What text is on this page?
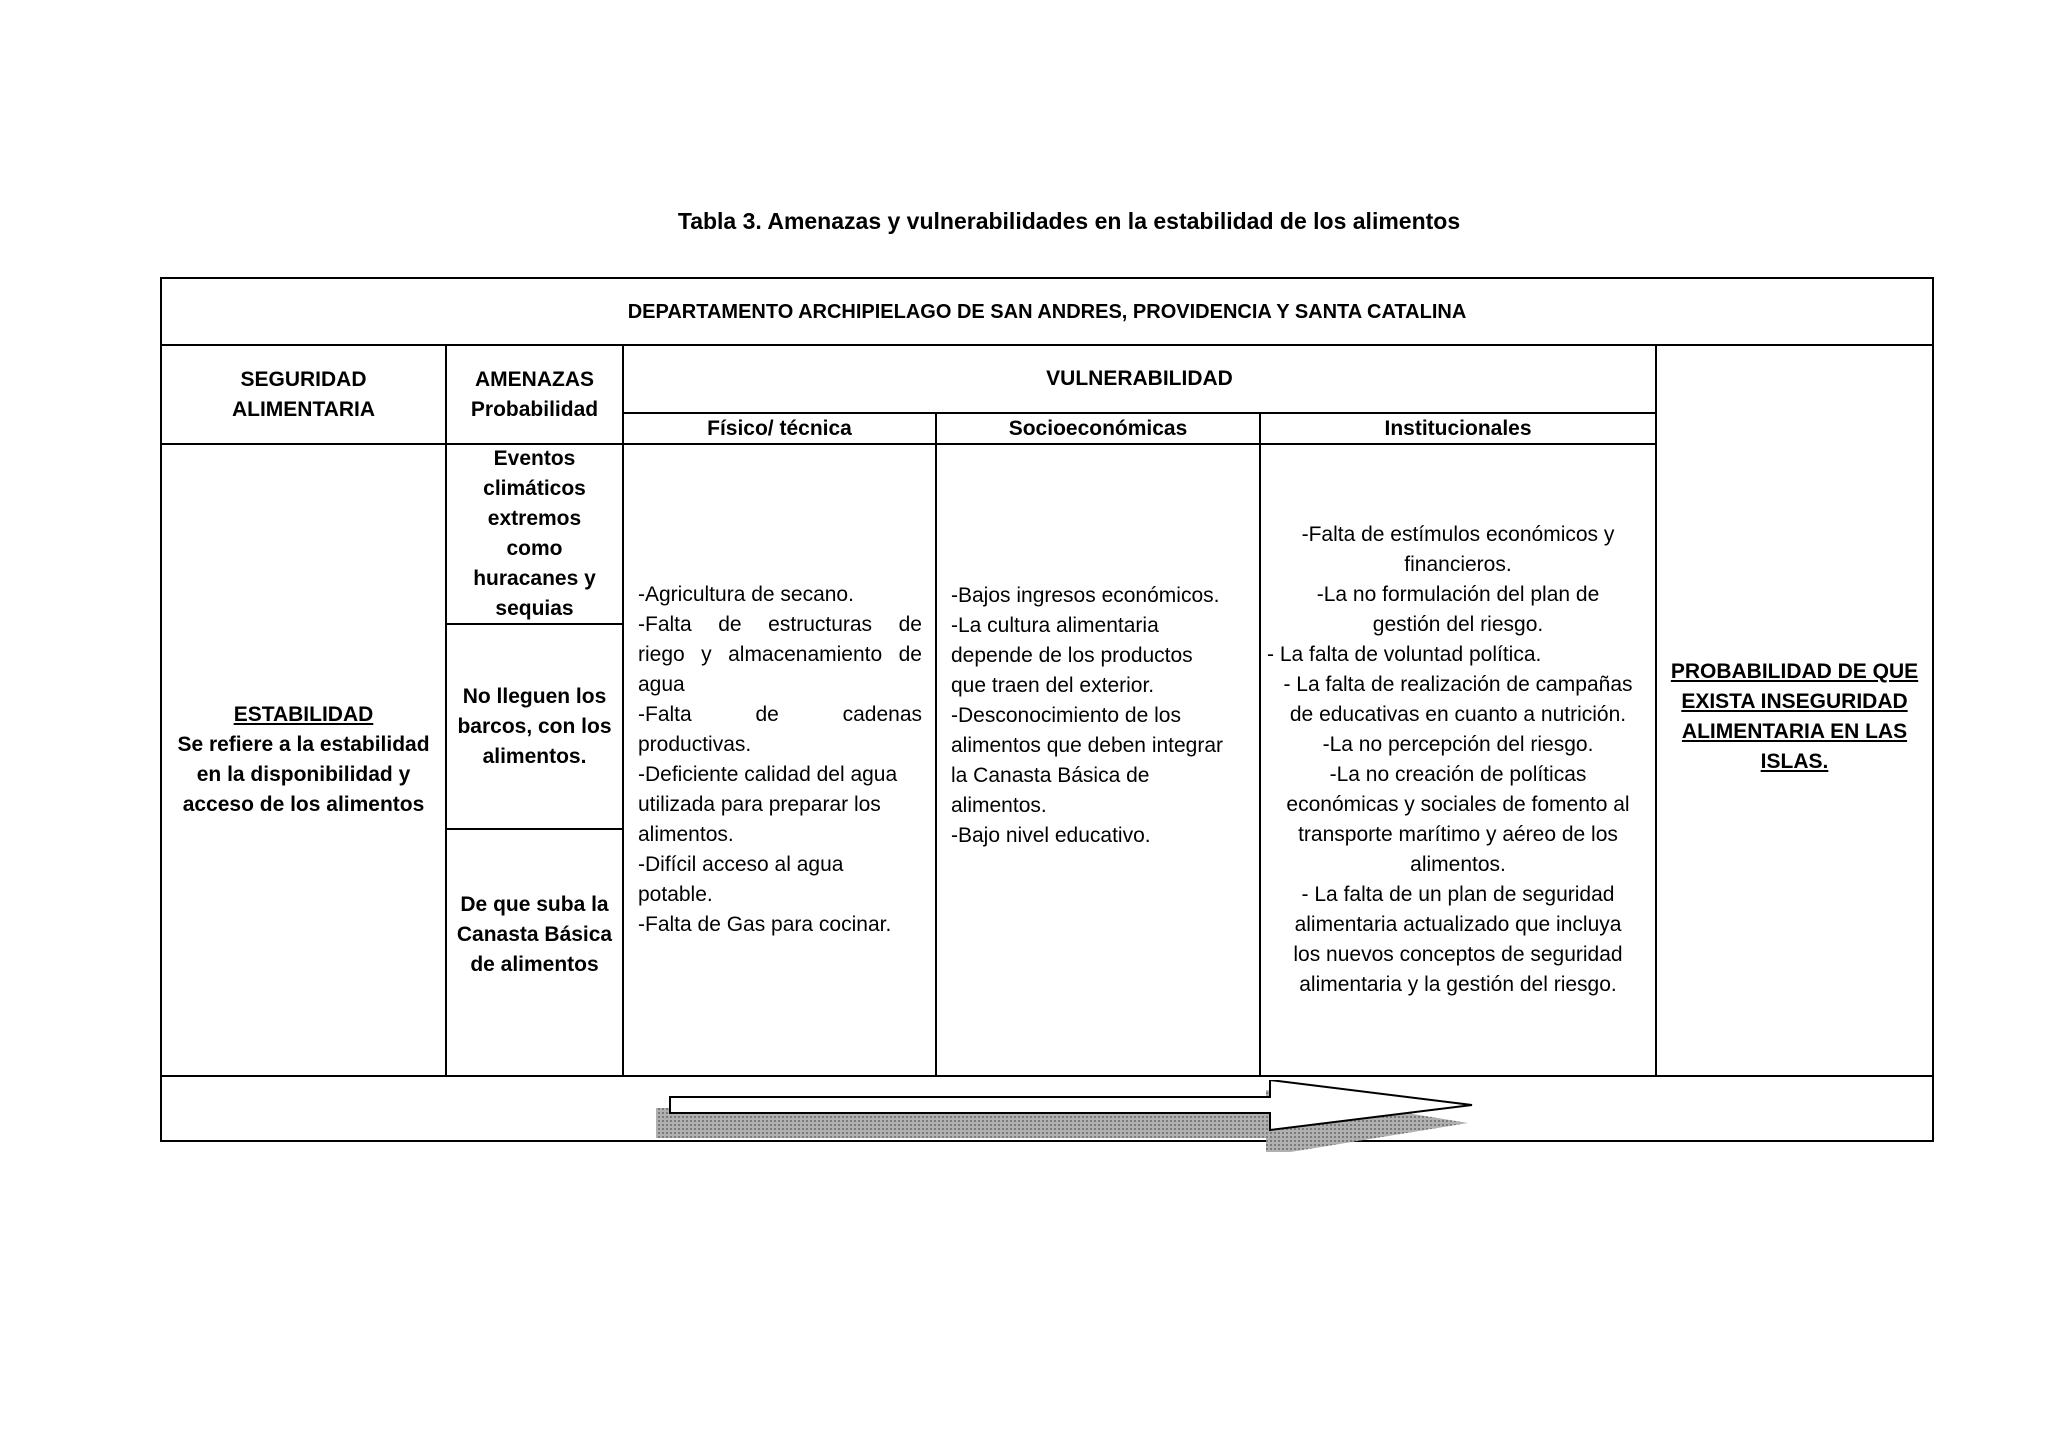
Tabla 3. Amenazas y vulnerabilidades en la estabilidad de los alimentos
DEPARTAMENTO ARCHIPIELAGO DE SAN ANDRES, PROVIDENCIA Y SANTA CATALINA
SEGURIDAD
ALIMENTARIA
AMENAZAS
Probabilidad
VULNERABILIDAD
Físico/ técnica	Socioeconómicas	Institucionales
ESTABILIDAD
Se refiere a la estabilidad
en la disponibilidad y
acceso de los alimentos
Eventos
climáticos
extremos
como
huracanes y
sequias
No lleguen los
barcos, con los
alimentos.
De que suba la
Canasta Básica
de alimentos
-Agricultura de secano.
-Falta de estructuras de
riego y almacenamiento de
agua
-Falta de cadenas
productivas.
-Deficiente calidad del agua
utilizada para preparar los
alimentos.
-Difícil acceso al agua
potable.
-Falta de Gas para cocinar.
-Bajos ingresos económicos.
-La cultura alimentaria
depende de los productos
que traen del exterior.
-Desconocimiento de los
alimentos que deben integrar
la Canasta Básica de
alimentos.
-Bajo nivel educativo.
-Falta de estímulos económicos y
financieros.
-La no formulación del plan de
gestión del riesgo.
- La falta de voluntad política.
- La falta de realización de campañas
de educativas en cuanto a nutrición.
-La no percepción del riesgo.
-La no creación de políticas
económicas y sociales de fomento al
transporte marítimo y aéreo de los
alimentos.
- La falta de un plan de seguridad
alimentaria actualizado que incluya
los nuevos conceptos de seguridad
alimentaria y la gestión del riesgo.
PROBABILIDAD DE QUE
EXISTA INSEGURIDAD
ALIMENTARIA EN LAS
ISLAS.
